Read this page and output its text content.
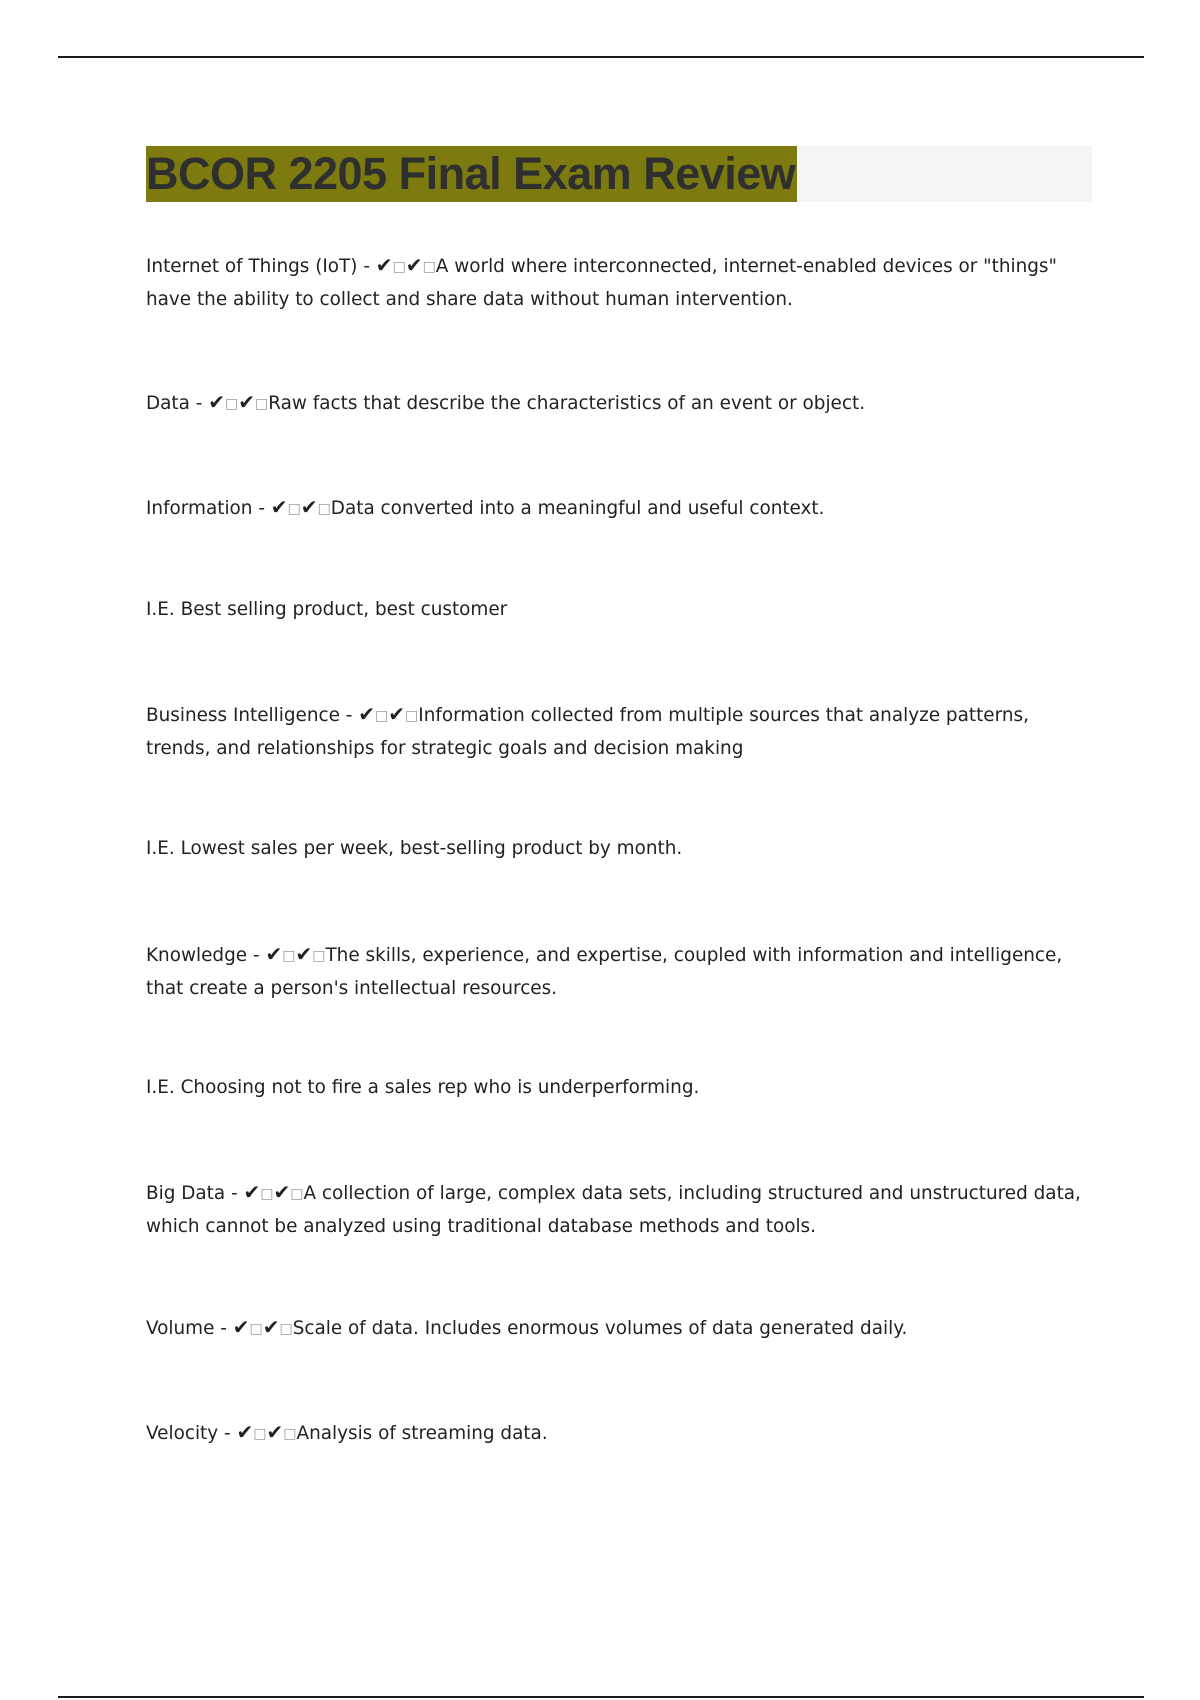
BCOR 2205 Final Exam Review
Internet of Things (IoT) - ✔□✔□A world where interconnected, internet-enabled devices or "things" have the ability to collect and share data without human intervention.
Data - ✔□✔□Raw facts that describe the characteristics of an event or object.
Information - ✔□✔□Data converted into a meaningful and useful context.
I.E. Best selling product, best customer
Business Intelligence - ✔□✔□Information collected from multiple sources that analyze patterns, trends, and relationships for strategic goals and decision making
I.E. Lowest sales per week, best-selling product by month.
Knowledge - ✔□✔□The skills, experience, and expertise, coupled with information and intelligence, that create a person's intellectual resources.
I.E. Choosing not to fire a sales rep who is underperforming.
Big Data - ✔□✔□A collection of large, complex data sets, including structured and unstructured data, which cannot be analyzed using traditional database methods and tools.
Volume - ✔□✔□Scale of data. Includes enormous volumes of data generated daily.
Velocity - ✔□✔□Analysis of streaming data.
